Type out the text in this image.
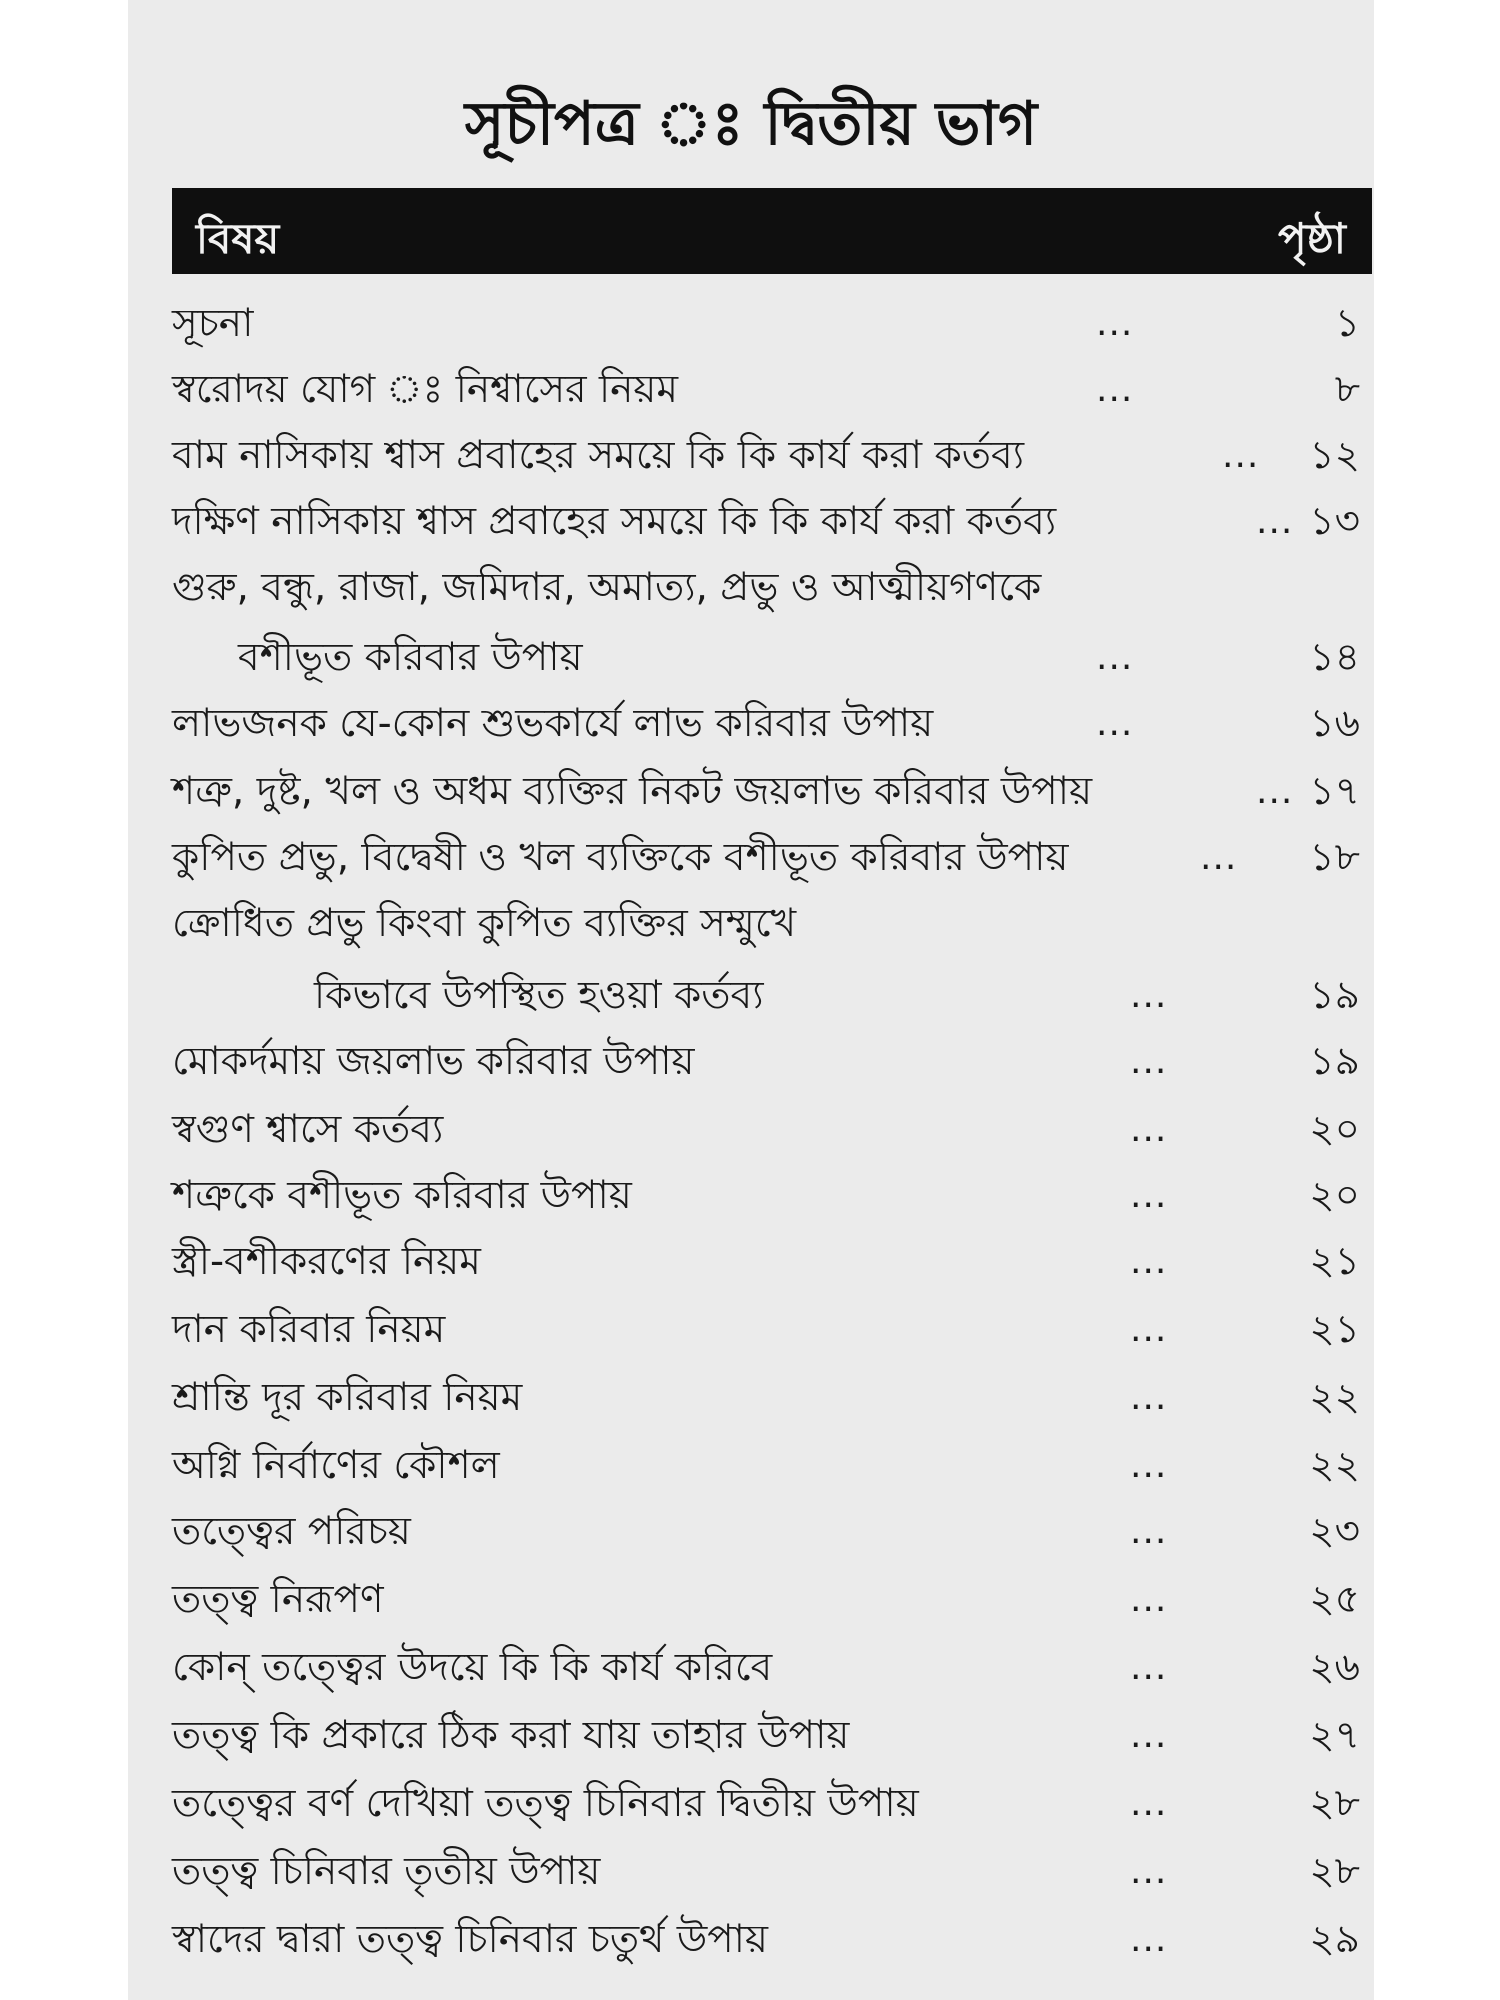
সূচীপত্র ঃ দ্বিতীয় ভাগ
বিষয়	পৃষ্ঠা
সূচনা	...	১
স্বরোদয় যোগ ঃ নিশ্বাসের নিয়ম	...	৮
বাম নাসিকায় শ্বাস প্রবাহের সময়ে কি কি কার্য করা কর্তব্য	... ১২
দক্ষিণ নাসিকায় শ্বাস প্রবাহের সময়ে কি কি কার্য করা কর্তব্য	... ১৩
গুরু, বন্ধু, রাজা, জমিদার, অমাত্য, প্রভু ও আত্মীয়গণকে
বশীভূত করিবার উপায়	...	১৪
লাভজনক যে-কোন শুভকার্যে লাভ করিবার উপায়	...	১৬
শত্রু, দুষ্ট, খল ও অধম ব্যক্তির নিকট জয়লাভ করিবার উপায়	... ১৭
কুপিত প্রভু, বিদ্বেষী ও খল ব্যক্তিকে বশীভূত করিবার উপায়	... ১৮
ক্রোধিত প্রভু কিংবা কুপিত ব্যক্তির সম্মুখে
কিভাবে উপস্থিত হওয়া কর্তব্য	...	১৯
মোকর্দমায় জয়লাভ করিবার উপায়	...	১৯
স্বগুণ শ্বাসে কর্তব্য	...	২০
শত্রুকে বশীভূত করিবার উপায়	...	২০
স্ত্রী-বশীকরণের নিয়ম	...	২১
দান করিবার নিয়ম	...	২১
শ্রান্তি দূর করিবার নিয়ম	...	২২
অগ্নি নির্বাণের কৌশল	...	২২
তত্ত্বের পরিচয়	...	২৩
তত্ত্ব নিরূপণ	...	২৫
কোন্ তত্ত্বের উদয়ে কি কি কার্য করিবে	...	২৬
তত্ত্ব কি প্রকারে ঠিক করা যায় তাহার উপায়	...	২৭
তত্ত্বের বর্ণ দেখিয়া তত্ত্ব চিনিবার দ্বিতীয় উপায়	...	২৮
তত্ত্ব চিনিবার তৃতীয় উপায়	...	২৮
স্বাদের দ্বারা তত্ত্ব চিনিবার চতুর্থ উপায়	...	২৯
